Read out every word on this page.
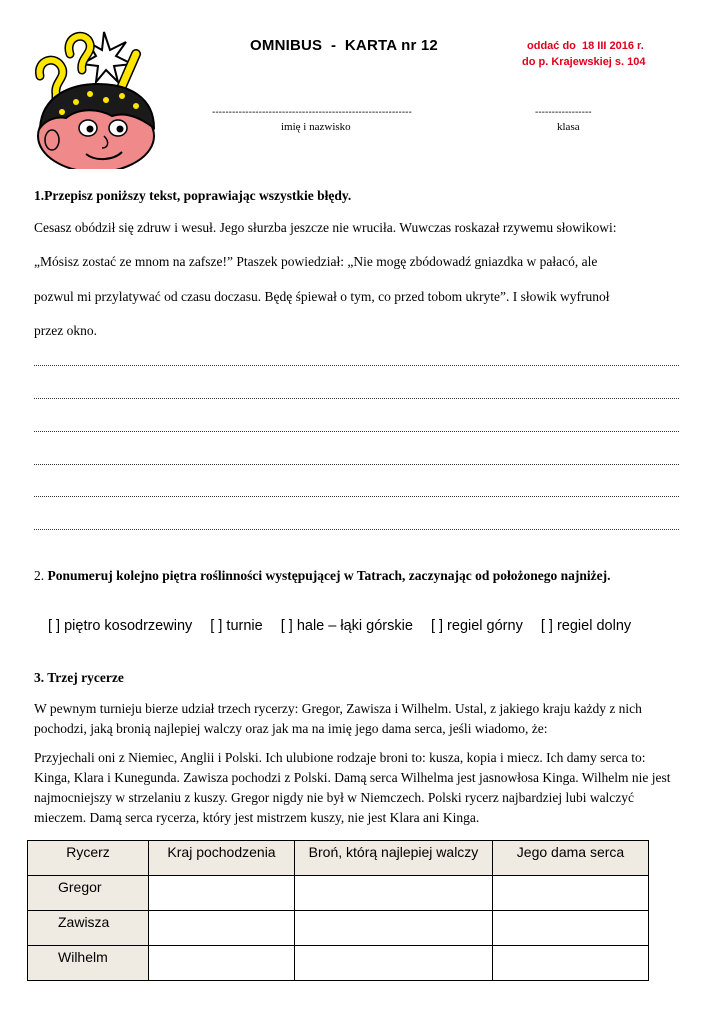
OMNIBUS  -  KARTA nr 12	oddać do  18 III 2016 r.
do p. Krajewskiej s. 104
------------------------------------------------------------
imię i nazwisko
-----------------
klasa
1.Przepisz poniższy tekst, poprawiając wszystkie błędy.
Cesasz obódził się zdruw i wesuł. Jego słurzba jeszcze nie wruciła. Wuwczas roskazał rzywemu słowikowi:
„Mósisz zostać ze mnom na zafsze!” Ptaszek powiedział: „Nie mogę zbódowadź gniazdka w pałacó, ale
pozwul mi przylatywać od czasu doczasu. Będę śpiewał o tym, co przed tobom ukryte”. I słowik wyfrunoł
przez okno.
2. Ponumeruj kolejno piętra roślinności występującej w Tatrach, zaczynając od położonego najniżej.
[ ] piętro kosodrzewiny [ ] turnie [ ] hale – łąki górskie [ ] regiel górny [ ] regiel dolny
3. Trzej rycerze
W pewnym turnieju bierze udział trzech rycerzy: Gregor, Zawisza i Wilhelm. Ustal, z jakiego kraju każdy z nich pochodzi, jaką bronią najlepiej walczy oraz jak ma na imię jego dama serca, jeśli wiadomo, że:
Przyjechali oni z Niemiec, Anglii i Polski. Ich ulubione rodzaje broni to: kusza, kopia i miecz. Ich damy serca to: Kinga, Klara i Kunegunda. Zawisza pochodzi z Polski. Damą serca Wilhelma jest jasnowłosa Kinga. Wilhelm nie jest najmocniejszy w strzelaniu z kuszy. Gregor nigdy nie był w Niemczech. Polski rycerz najbardziej lubi walczyć mieczem. Damą serca rycerza, który jest mistrzem kuszy, nie jest Klara ani Kinga.
Rycerz	Kraj pochodzenia	Broń, którą najlepiej walczy	Jego dama serca
Gregor			
Zawisza			
Wilhelm			
